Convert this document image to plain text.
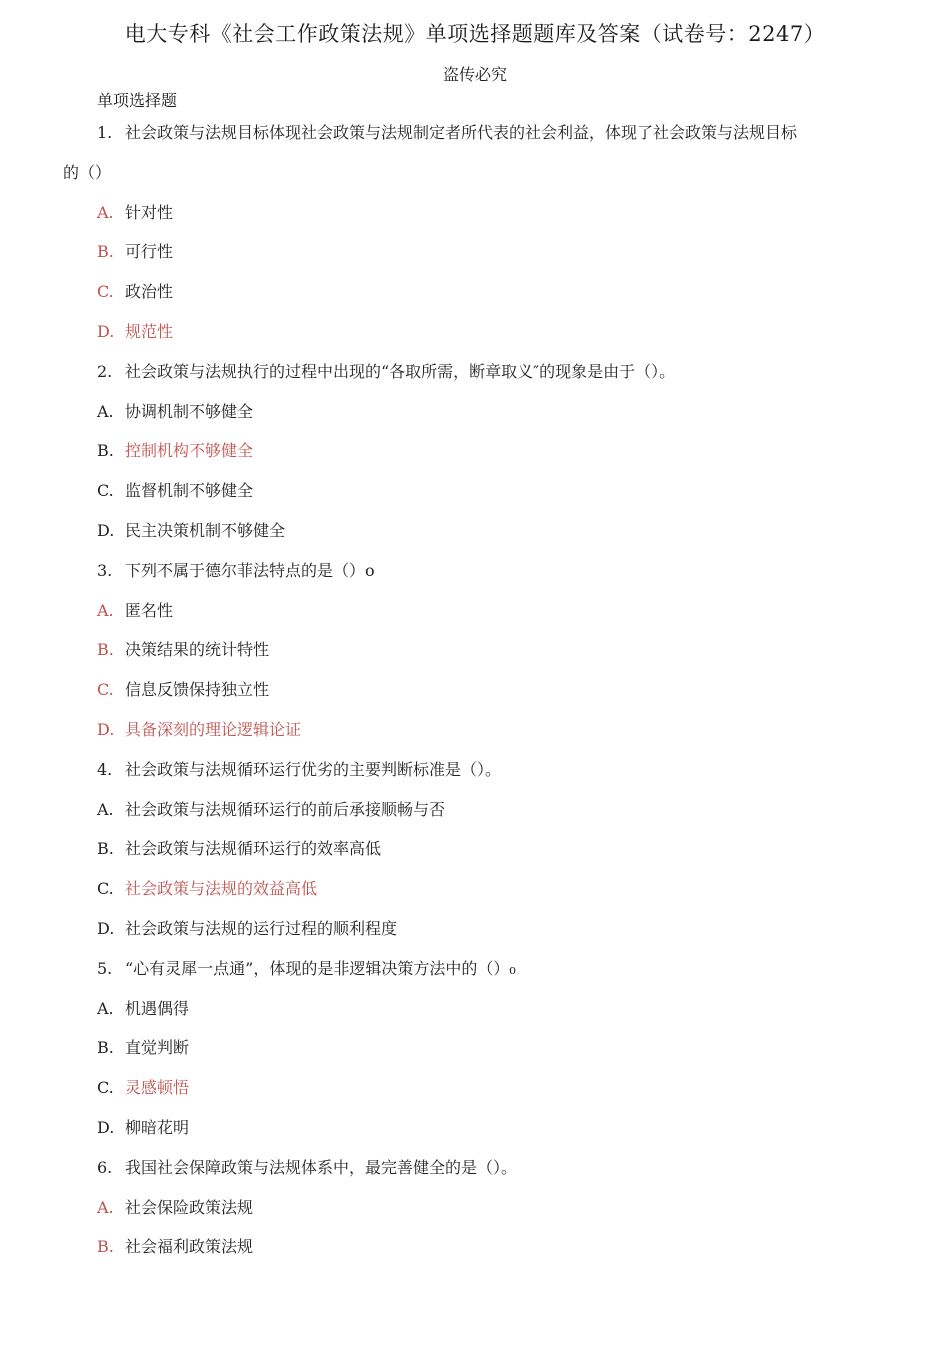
电大专科《社会工作政策法规》单项选择题题库及答案（试卷号：2247）
盗传必究
单项选择题
1. 社会政策与法规目标体现社会政策与法规制定者所代表的社会利益，体现了社会政策与法规目标
的（）
A. 针对性
B. 可行性
C. 政治性
D. 规范性
2. 社会政策与法规执行的过程中出现的“各取所需，断章取义″的现象是由于（）。
A. 协调机制不够健全
B. 控制机构不够健全
C. 监督机制不够健全
D. 民主决策机制不够健全
3. 下列不属于德尔菲法特点的是（）o
A. 匿名性
B. 决策结果的统计特性
C. 信息反馈保持独立性
D. 具备深刻的理论逻辑论证
4. 社会政策与法规循环运行优劣的主要判断标准是（）。
A. 社会政策与法规循环运行的前后承接顺畅与否
B. 社会政策与法规循环运行的效率高低
C. 社会政策与法规的效益高低
D. 社会政策与法规的运行过程的顺利程度
5. “心有灵犀一点通”，体现的是非逻辑决策方法中的（）₀
A. 机遇偶得
B. 直觉判断
C. 灵感顿悟
D. 柳暗花明
6. 我国社会保障政策与法规体系中，最完善健全的是（）。
A. 社会保险政策法规
B. 社会福利政策法规
